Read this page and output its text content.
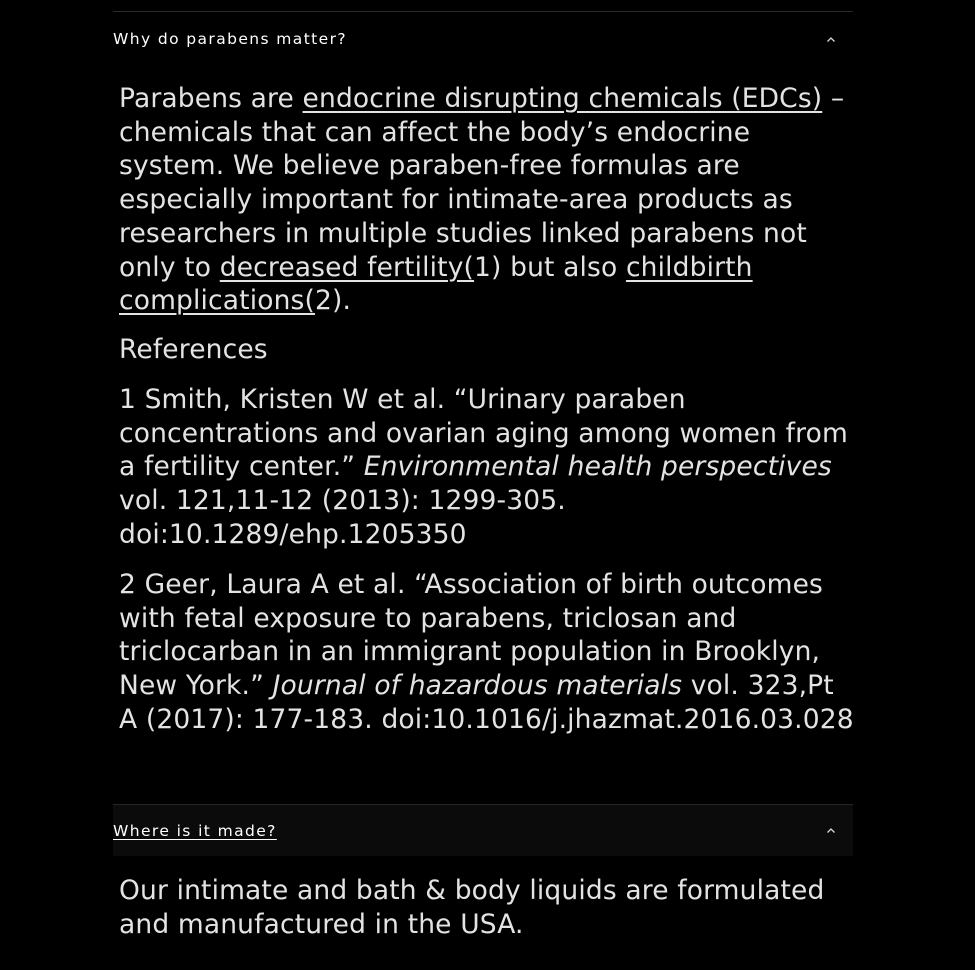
Why do parabens matter?

Parabens are endocrine disrupting chemicals (EDCs) – chemicals that can affect the body’s endocrine system. We believe paraben-free formulas are especially important for intimate-area products as researchers in multiple studies linked parabens not only to decreased fertility(1) but also childbirth complications(2).

References

1 Smith, Kristen W et al. “Urinary paraben concentrations and ovarian aging among women from a fertility center.” Environmental health perspectives vol. 121,11-12 (2013): 1299-305. doi:10.1289/ehp.1205350

2 Geer, Laura A et al. “Association of birth outcomes with fetal exposure to parabens, triclosan and triclocarban in an immigrant population in Brooklyn, New York.” Journal of hazardous materials vol. 323,Pt A (2017): 177-183. doi:10.1016/j.jhazmat.2016.03.028

Where is it made?

Our intimate and bath & body liquids are formulated and manufactured in the USA.
